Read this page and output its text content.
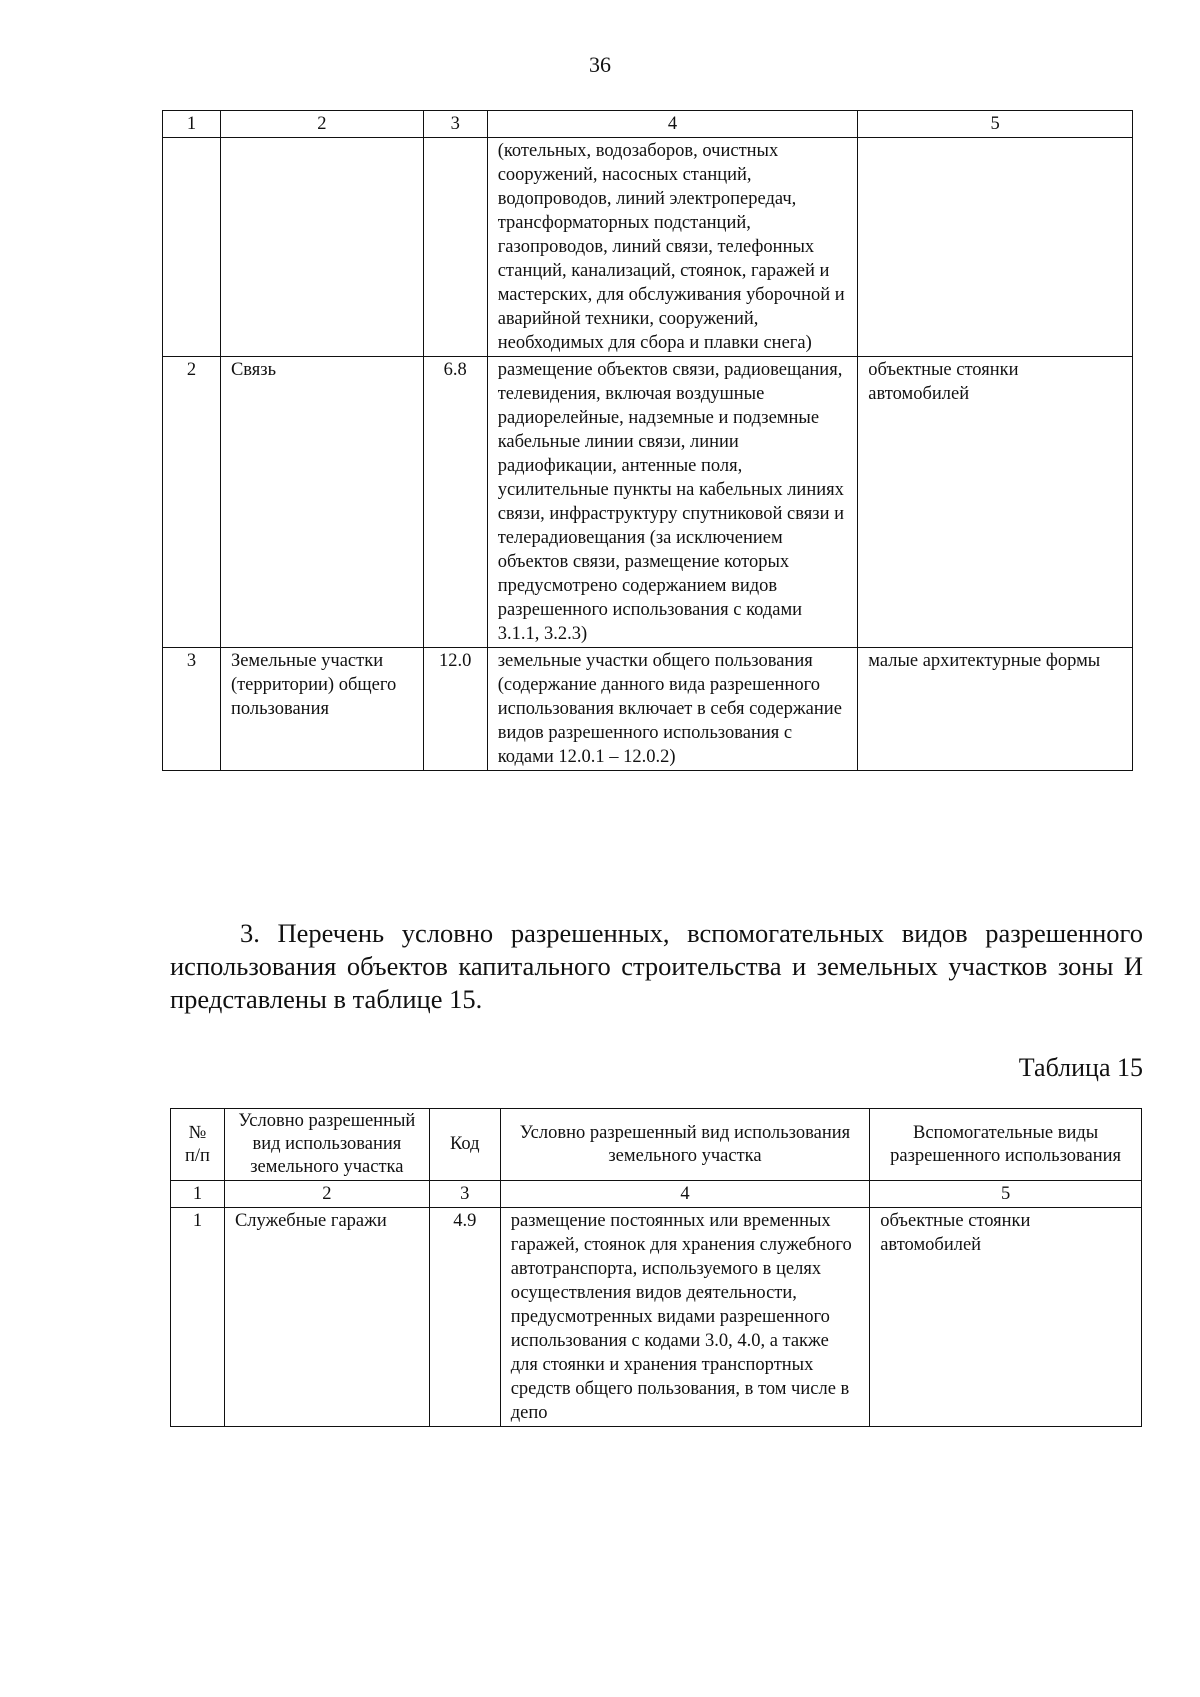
36
1	2	3	4	5
			(котельных, водозаборов, очистных сооружений, насосных станций, водопроводов, линий электропередач, трансформаторных подстанций, газопроводов, линий связи, телефонных станций, канализаций, стоянок, гаражей и мастерских, для обслуживания уборочной и аварийной техники, сооружений, необходимых для сбора и плавки снега)	
2	Связь	6.8	размещение объектов связи, радиовещания, телевидения, включая воздушные радиорелейные, надземные и подземные кабельные линии связи, линии радиофикации, антенные поля, усилительные пункты на кабельных линиях связи, инфраструктуру спутниковой связи и телерадиовещания (за исключением объектов связи, размещение которых предусмотрено содержанием видов разрешенного использования с кодами 3.1.1, 3.2.3)	объектные стоянки автомобилей
3	Земельные участки (территории) общего пользования	12.0	земельные участки общего пользования (содержание данного вида разрешенного использования включает в себя содержание видов разрешенного использования с кодами 12.0.1 – 12.0.2)	малые архитектурные формы
3. Перечень условно разрешенных, вспомогательных видов разрешенного использования объектов капитального строительства и земельных участков зоны И представлены в таблице 15.
Таблица 15
№ п/п	Условно разрешенный вид использования земельного участка	Код	Условно разрешенный вид использования земельного участка	Вспомогательные виды разрешенного использования
1	2	3	4	5
1	Служебные гаражи	4.9	размещение постоянных или временных гаражей, стоянок для хранения служебного автотранспорта, используемого в целях осуществления видов деятельности, предусмотренных видами разрешенного использования с кодами 3.0, 4.0, а также для стоянки и хранения транспортных средств общего пользования, в том числе в депо	объектные стоянки автомобилей
